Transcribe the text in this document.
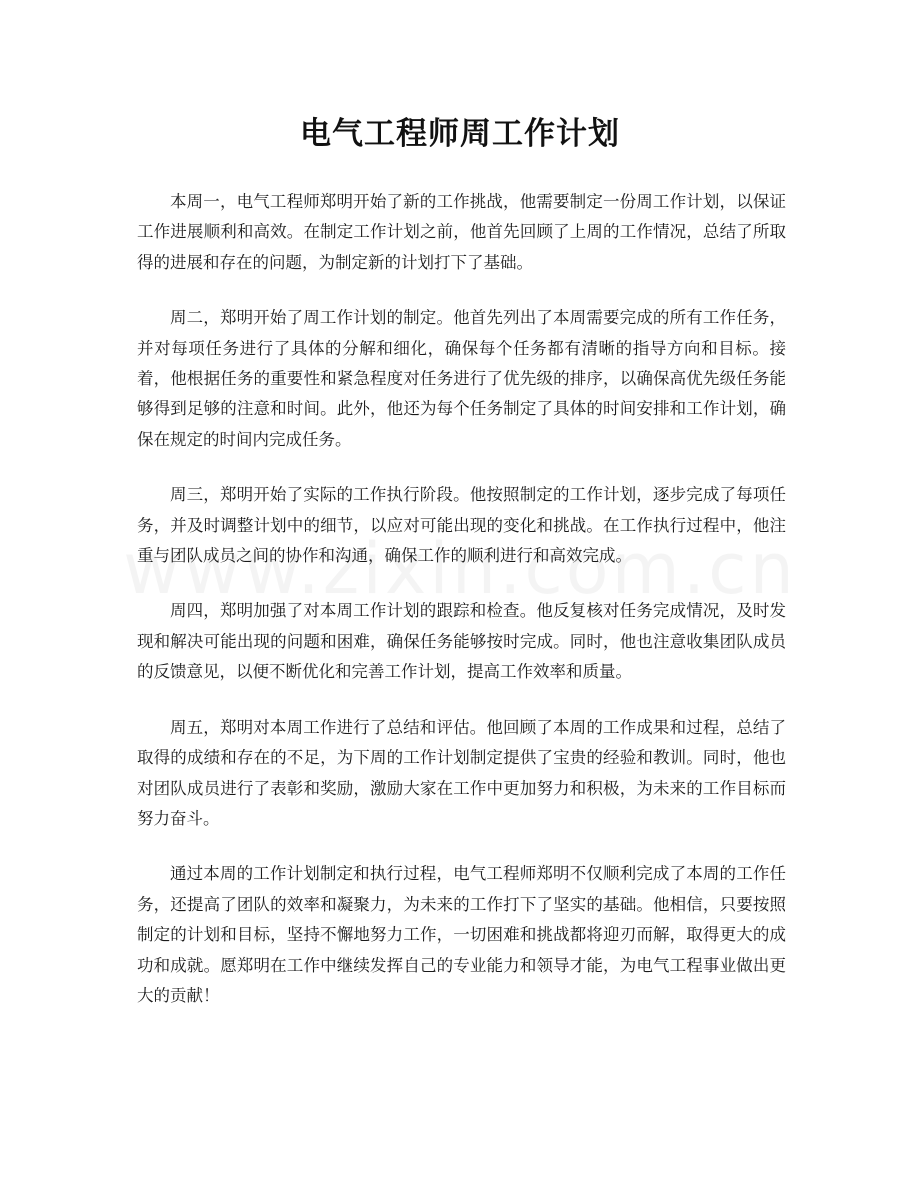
电气工程师周工作计划

本周一，电气工程师郑明开始了新的工作挑战，他需要制定一份周工作计划，以保证工作进展顺利和高效。在制定工作计划之前，他首先回顾了上周的工作情况，总结了所取得的进展和存在的问题，为制定新的计划打下了基础。

周二，郑明开始了周工作计划的制定。他首先列出了本周需要完成的所有工作任务，并对每项任务进行了具体的分解和细化，确保每个任务都有清晰的指导方向和目标。接着，他根据任务的重要性和紧急程度对任务进行了优先级的排序，以确保高优先级任务能够得到足够的注意和时间。此外，他还为每个任务制定了具体的时间安排和工作计划，确保在规定的时间内完成任务。

周三，郑明开始了实际的工作执行阶段。他按照制定的工作计划，逐步完成了每项任务，并及时调整计划中的细节，以应对可能出现的变化和挑战。在工作执行过程中，他注重与团队成员之间的协作和沟通，确保工作的顺利进行和高效完成。

周四，郑明加强了对本周工作计划的跟踪和检查。他反复核对任务完成情况，及时发现和解决可能出现的问题和困难，确保任务能够按时完成。同时，他也注意收集团队成员的反馈意见，以便不断优化和完善工作计划，提高工作效率和质量。

周五，郑明对本周工作进行了总结和评估。他回顾了本周的工作成果和过程，总结了取得的成绩和存在的不足，为下周的工作计划制定提供了宝贵的经验和教训。同时，他也对团队成员进行了表彰和奖励，激励大家在工作中更加努力和积极，为未来的工作目标而努力奋斗。

通过本周的工作计划制定和执行过程，电气工程师郑明不仅顺利完成了本周的工作任务，还提高了团队的效率和凝聚力，为未来的工作打下了坚实的基础。他相信，只要按照制定的计划和目标，坚持不懈地努力工作，一切困难和挑战都将迎刃而解，取得更大的成功和成就。愿郑明在工作中继续发挥自己的专业能力和领导才能，为电气工程事业做出更大的贡献！
